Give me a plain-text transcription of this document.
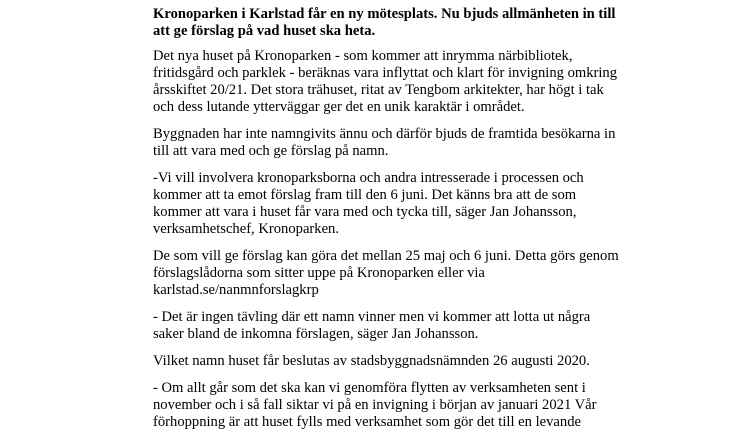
Kronoparken i Karlstad får en ny mötesplats. Nu bjuds allmänheten in till att ge förslag på vad huset ska heta.

Det nya huset på Kronoparken - som kommer att inrymma närbibliotek, fritidsgård och parklek - beräknas vara inflyttat och klart för invigning omkring årsskiftet 20/21. Det stora trähuset, ritat av Tengbom arkitekter, har högt i tak och dess lutande ytterväggar ger det en unik karaktär i området.

Byggnaden har inte namngivits ännu och därför bjuds de framtida besökarna in till att vara med och ge förslag på namn.

-Vi vill involvera kronoparksborna och andra intresserade i processen och kommer att ta emot förslag fram till den 6 juni. Det känns bra att de som kommer att vara i huset får vara med och tycka till, säger Jan Johansson, verksamhetschef, Kronoparken.

De som vill ge förslag kan göra det mellan 25 maj och 6 juni. Detta görs genom förslagslådorna som sitter uppe på Kronoparken eller via karlstad.se/nanmnforslagkrp

- Det är ingen tävling där ett namn vinner men vi kommer att lotta ut några saker bland de inkomna förslagen, säger Jan Johansson.

Vilket namn huset får beslutas av stadsbyggnadsnämnden 26 augusti 2020.

- Om allt går som det ska kan vi genomföra flytten av verksamheten sent i november och i så fall siktar vi på en invigning i början av januari 2021 Vår förhoppning är att huset fylls med verksamhet som gör det till en levande
